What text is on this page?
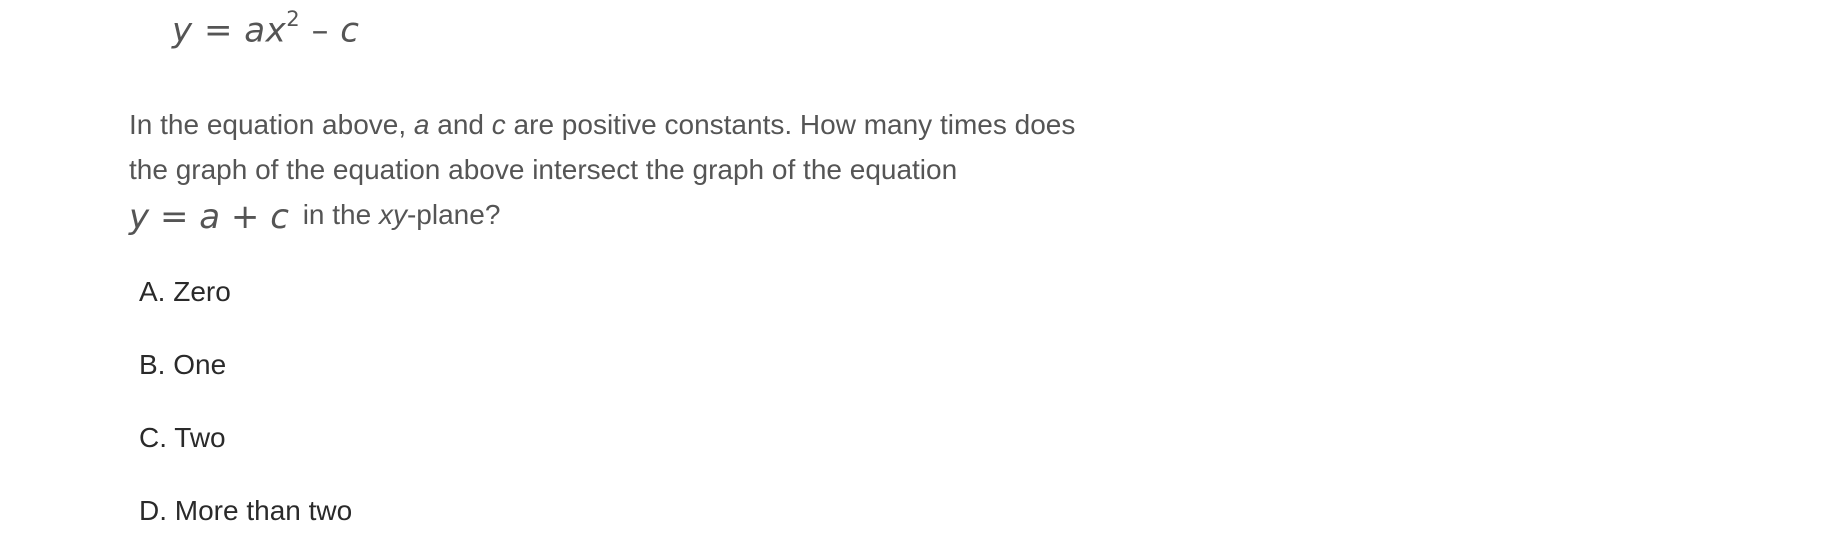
$y = ax^2 - c$
In the equation above, a and c are positive constants. How many times does
the graph of the equation above intersect the graph of the equation
y = a + c in the xy-plane?
A. Zero
B. One
C. Two
D. More than two
